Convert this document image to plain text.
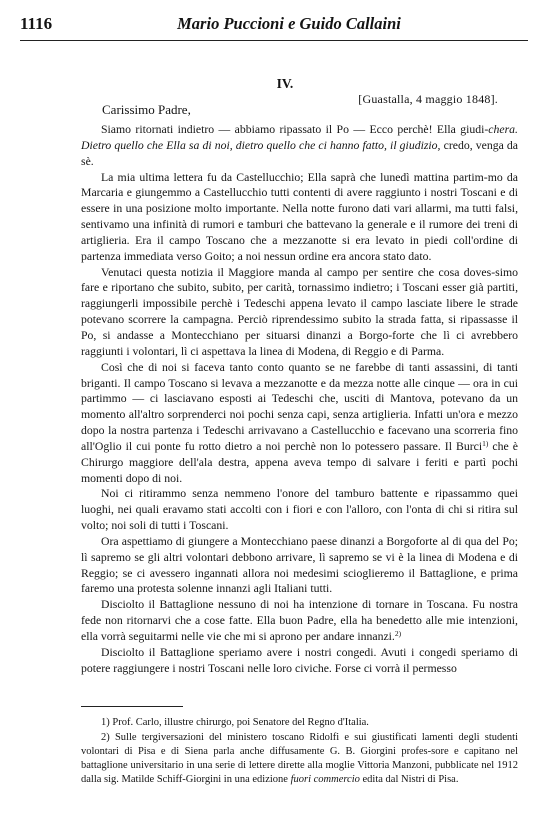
1116	Mario Puccioni e Guido Callaini
IV.
[Guastalla, 4 maggio 1848].
Carissimo Padre,

Siamo ritornati indietro — abbiamo ripassato il Po — Ecco perchè! Ella giudi-chera. Dietro quello che Ella sa di noi, dietro quello che ci hanno fatto, il giudizio, credo, venga da sè.

La mia ultima lettera fu da Castellucchio; Ella saprà che lunedì mattina partim-mo da Marcaria e giungemmo a Castellucchio tutti contenti di avere raggiunto i nostri Toscani e di essere in una posizione molto importante. Nella notte furono dati vari allarmi, ma tutti falsi, sentivamo una infinità di rumori e tamburi che battevano la generale e il rumore dei treni di artiglieria. Era il campo Toscano che a mezzanotte si era levato in piedi coll'ordine di partenza immediata verso Goito; a noi nessun ordine era ancora stato dato.

Venutaci questa notizia il Maggiore manda al campo per sentire che cosa doves-simo fare e riportano che subito, subito, per carità, tornassimo indietro; i Toscani esser già partiti, raggiungerli impossibile perchè i Tedeschi appena levato il campo lasciate libere le strade potevano scorrere la campagna. Perciò riprendessimo subito la strada fatta, si ripassasse il Po, si andasse a Montecchiano per situarsi dinanzi a Borgo-forte che lì ci avrebbero raggiunti i volontari, lì ci aspettava la linea di Modena, di Reggio e di Parma.

Così che di noi si faceva tanto conto quanto se ne farebbe di tanti assassini, di tanti briganti. Il campo Toscano si levava a mezzanotte e da mezza notte alle cinque — ora in cui partimmo — ci lasciavano esposti ai Tedeschi che, usciti di Mantova, potevano da un momento all'altro sorprenderci noi pochi senza capi, senza artiglieria. Infatti un'ora e mezzo dopo la nostra partenza i Tedeschi arrivavano a Castellucchio e facevano una scorreria fino all'Oglio il cui ponte fu rotto dietro a noi perchè non lo potessero passare. Il Burci$^{1)}$ che è Chirurgo maggiore dell'ala destra, appena aveva tempo di salvare i feriti e partì pochi momenti dopo di noi.

Noi ci ritirammo senza nemmeno l'onore del tamburo battente e ripassammo quei luoghi, nei quali eravamo stati accolti con i fiori e con l'alloro, con l'onta di chi si ritira sul volto; noi soli di tutti i Toscani.

Ora aspettiamo di giungere a Montecchiano paese dinanzi a Borgoforte al di qua del Po; lì sapremo se gli altri volontari debbono arrivare, lì sapremo se vi è la linea di Modena e di Reggio; se ci avessero ingannati allora noi medesimi scioglieremo il Battaglione, e prima faremo una protesta solenne innanzi agli Italiani tutti.

Disciolto il Battaglione nessuno di noi ha intenzione di tornare in Toscana. Fu nostra fede non ritornarvi che a cose fatte. Ella buon Padre, ella ha benedetto alle mie intenzioni, ella vorrà seguitarmi nelle vie che mi si aprono per andare innanzi.$^{2)}$

Disciolto il Battaglione speriamo avere i nostri congedi. Avuti i congedi speriamo di potere raggiungere i nostri Toscani nelle loro civiche. Forse ci vorrà il permesso

1) Prof. Carlo, illustre chirurgo, poi Senatore del Regno d'Italia.

2) Sulle tergiversazioni del ministero toscano Ridolfi e sui giustificati lamenti degli studenti volontari di Pisa e di Siena parla anche diffusamente G. B. Giorgini profes-sore e capitano nel battaglione universitario in una serie di lettere dirette alla moglie Vittoria Manzoni, pubblicate nel 1912 dalla sig. Matilde Schiff-Giorgini in una edizione fuori commercio edita dal Nistri di Pisa.
